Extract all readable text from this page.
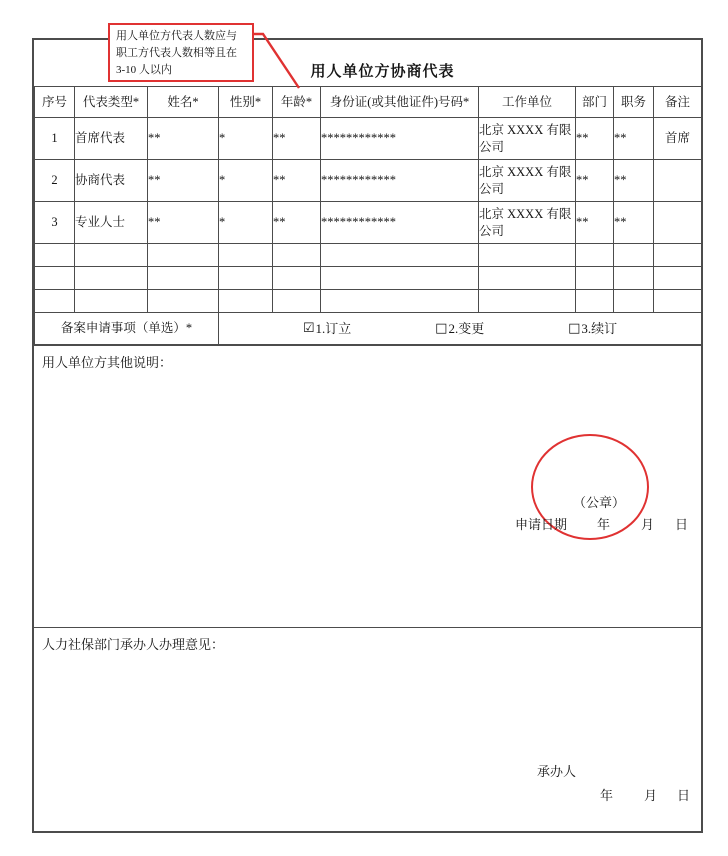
用人单位方代表人数应与
职工方代表人数相等且在
3-10 人以内	用人单位方协商代表
序号	代表类型*	姓名*	性别*	年龄*	身份证(或其他证件)号码*	工作单位	部门	职务	备注
1	首席代表	**	*	**	************	北京 XXXX 有限公司	**	**	首席
2	协商代表	**	*	**	************	北京 XXXX 有限公司	**	**	
3	专业人士	**	*	**	************	北京 XXXX 有限公司	**	**	

备案申请事项（单选）*	☑ 1.订立	□ 2.变更	□ 3.续订
用人单位方其他说明：
（公章）
申请日期 年 月 日
人力社保部门承办人办理意见：
承办人
年 月 日
